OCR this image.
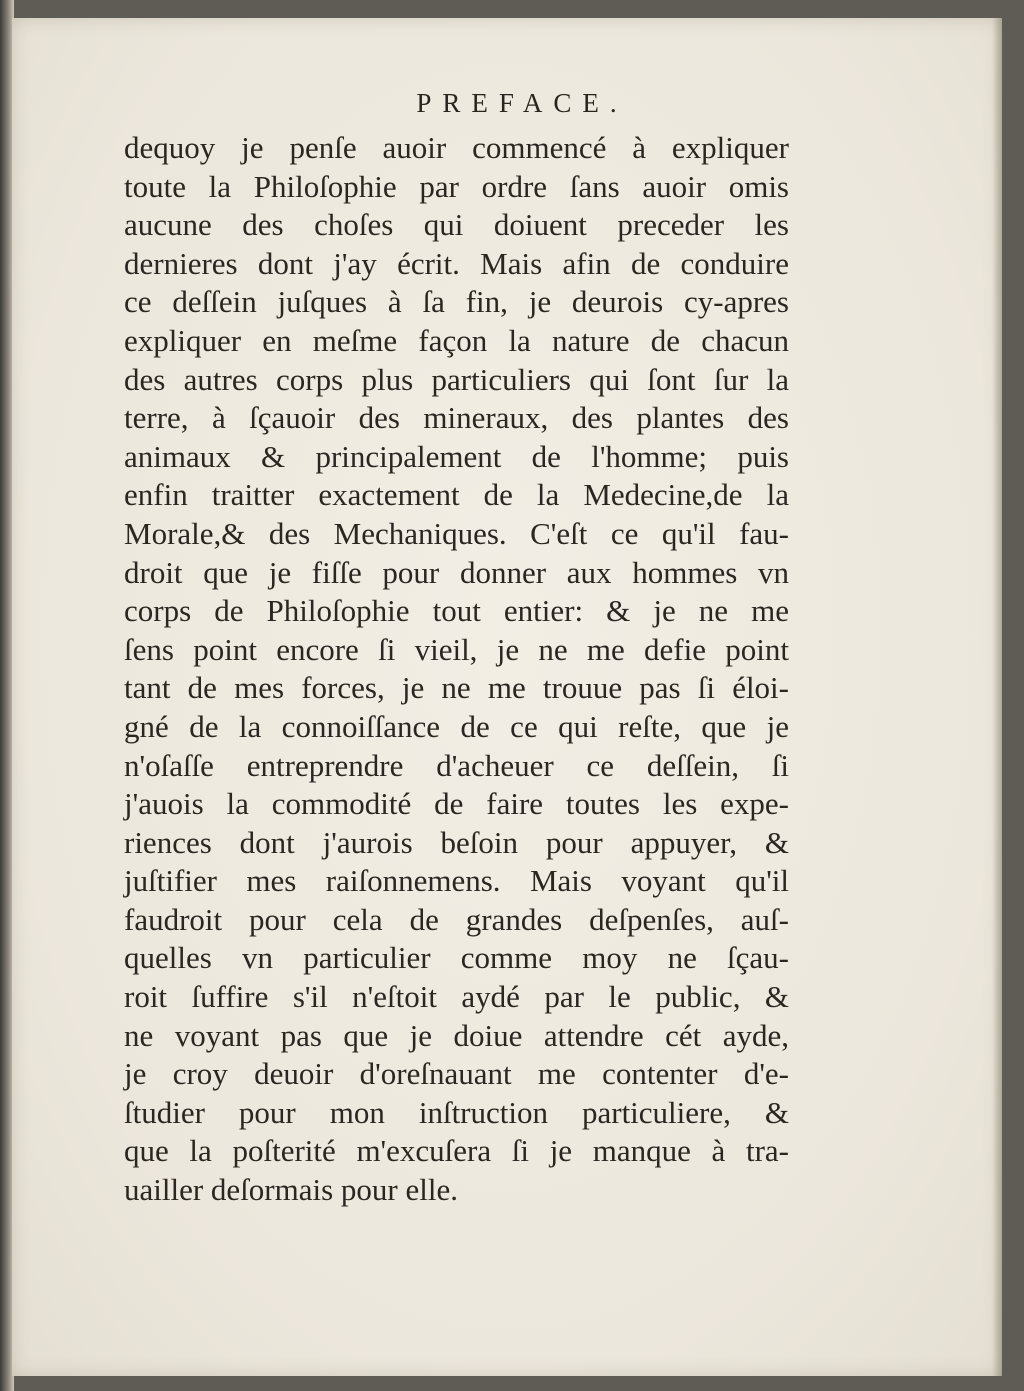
PREFACE.
dequoy je penſe auoir commencé à expliquer
toute la Philoſophie par ordre ſans auoir omis
aucune des choſes qui doiuent preceder les
dernieres dont j'ay écrit. Mais afin de conduire
ce deſſein juſques à ſa fin, je deurois cy-apres
expliquer en meſme façon la nature de chacun
des autres corps plus particuliers qui ſont ſur la
terre, à ſçauoir des mineraux, des plantes des
animaux & principalement de l'homme; puis
enfin traitter exactement de la Medecine,de la
Morale,& des Mechaniques. C'eſt ce qu'il fau-
droit que je fiſſe pour donner aux hommes vn
corps de Philoſophie tout entier: & je ne me
ſens point encore ſi vieil, je ne me defie point
tant de mes forces, je ne me trouue pas ſi éloi-
gné de la connoiſſance de ce qui reſte, que je
n'oſaſſe entreprendre d'acheuer ce deſſein, ſi
j'auois la commodité de faire toutes les expe-
riences dont j'aurois beſoin pour appuyer, &
juſtifier mes raiſonnemens. Mais voyant qu'il
faudroit pour cela de grandes deſpenſes, auſ-
quelles vn particulier comme moy ne ſçau-
roit ſuffire s'il n'eſtoit aydé par le public, &
ne voyant pas que je doiue attendre cét ayde,
je croy deuoir d'oreſnauant me contenter d'e-
ſtudier pour mon inſtruction particuliere, &
que la poſterité m'excuſera ſi je manque à tra-
uailler deſormais pour elle.
